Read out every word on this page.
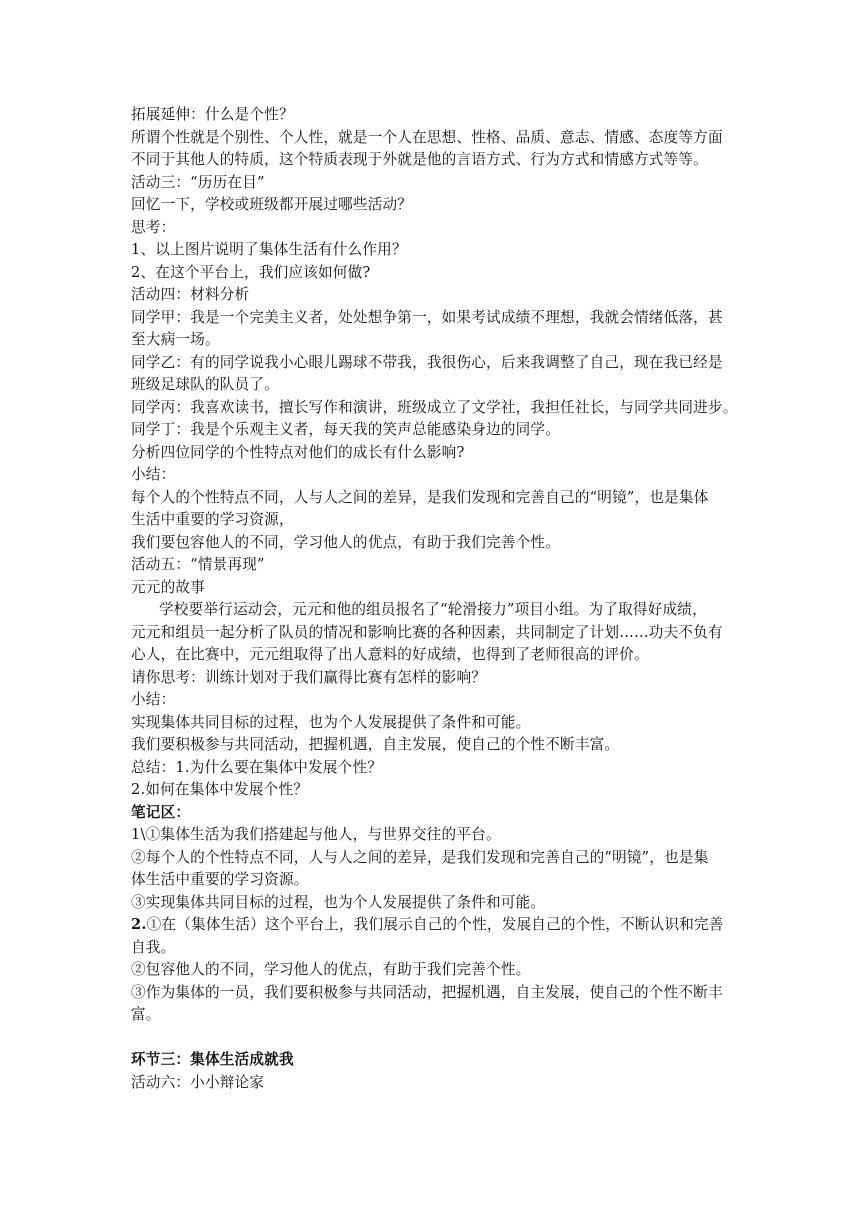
拓展延伸：什么是个性？
所谓个性就是个别性、个人性，就是一个人在思想、性格、品质、意志、情感、态度等方面
不同于其他人的特质，这个特质表现于外就是他的言语方式、行为方式和情感方式等等。
活动三：“历历在目”
回忆一下，学校或班级都开展过哪些活动？
思考：
1、以上图片说明了集体生活有什么作用？
2、在这个平台上，我们应该如何做?
活动四：材料分析
同学甲：我是一个完美主义者，处处想争第一，如果考试成绩不理想，我就会情绪低落，甚
至大病一场。
同学乙：有的同学说我小心眼儿踢球不带我，我很伤心，后来我调整了自己，现在我已经是
班级足球队的队员了。
同学丙：我喜欢读书，擅长写作和演讲，班级成立了文学社，我担任社长，与同学共同进步。
同学丁：我是个乐观主义者，每天我的笑声总能感染身边的同学。
分析四位同学的个性特点对他们的成长有什么影响?
小结：
每个人的个性特点不同，人与人之间的差异，是我们发现和完善自己的“明镜”，也是集体
生活中重要的学习资源，
我们要包容他人的不同，学习他人的优点，有助于我们完善个性。
活动五：“情景再现”
元元的故事
学校要举行运动会，元元和他的组员报名了“轮滑接力”项目小组。为了取得好成绩，
元元和组员一起分析了队员的情况和影响比赛的各种因素，共同制定了计划……功夫不负有
心人，在比赛中，元元组取得了出人意料的好成绩，也得到了老师很高的评价。
请你思考：训练计划对于我们赢得比赛有怎样的影响？
小结：
实现集体共同目标的过程，也为个人发展提供了条件和可能。
我们要积极参与共同活动，把握机遇，自主发展，使自己的个性不断丰富。
总结：1.为什么要在集体中发展个性？
2.如何在集体中发展个性？
笔记区：
1\①集体生活为我们搭建起与他人，与世界交往的平台。
②每个人的个性特点不同，人与人之间的差异，是我们发现和完善自己的“明镜”，也是集
体生活中重要的学习资源。
③实现集体共同目标的过程，也为个人发展提供了条件和可能。
2.①在（集体生活）这个平台上，我们展示自己的个性，发展自己的个性，不断认识和完善
自我。
②包容他人的不同，学习他人的优点，有助于我们完善个性。
③作为集体的一员，我们要积极参与共同活动，把握机遇，自主发展，使自己的个性不断丰
富。
环节三：集体生活成就我
活动六：小小辩论家
